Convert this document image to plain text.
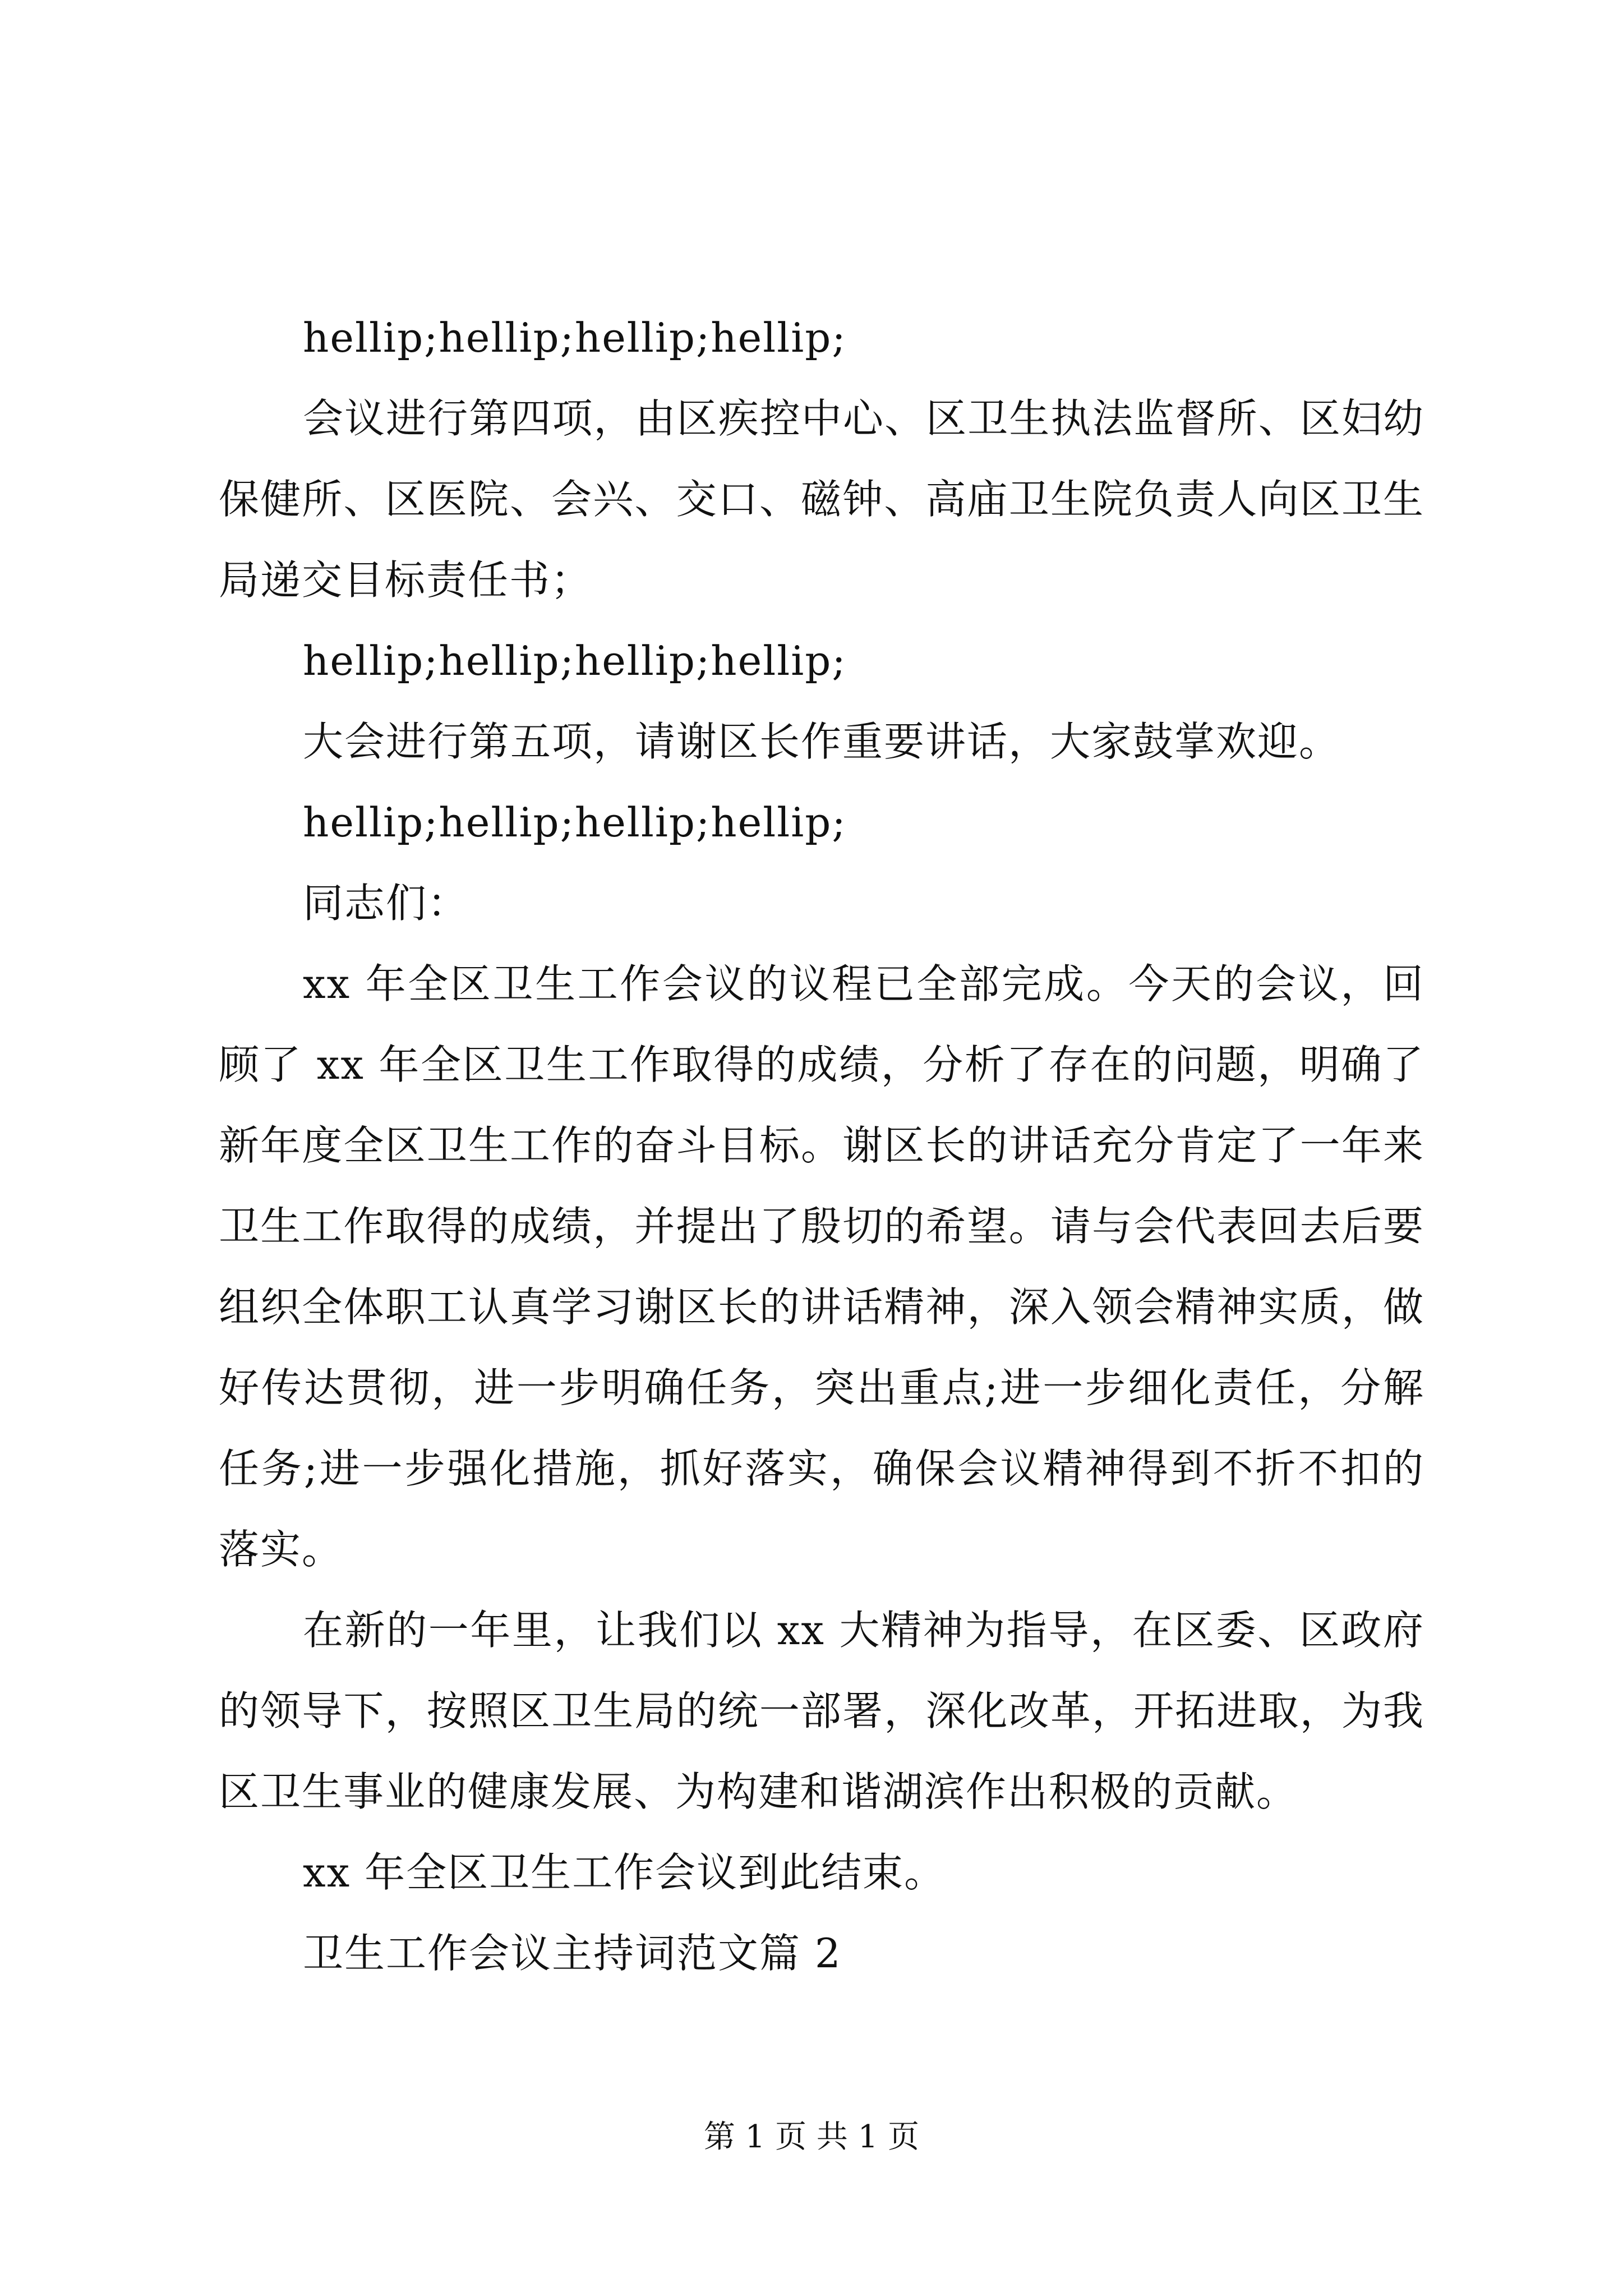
hellip;hellip;hellip;hellip;

会议进行第四项，由区疾控中心、区卫生执法监督所、区妇幼保健所、区医院、会兴、交口、磁钟、高庙卫生院负责人向区卫生局递交目标责任书；

hellip;hellip;hellip;hellip;

大会进行第五项，请谢区长作重要讲话，大家鼓掌欢迎。

hellip;hellip;hellip;hellip;

同志们：

xx 年全区卫生工作会议的议程已全部完成。今天的会议，回顾了 xx 年全区卫生工作取得的成绩，分析了存在的问题，明确了新年度全区卫生工作的奋斗目标。谢区长的讲话充分肯定了一年来卫生工作取得的成绩，并提出了殷切的希望。请与会代表回去后要组织全体职工认真学习谢区长的讲话精神，深入领会精神实质，做好传达贯彻，进一步明确任务，突出重点;进一步细化责任，分解任务;进一步强化措施，抓好落实，确保会议精神得到不折不扣的落实。

在新的一年里，让我们以 xx 大精神为指导，在区委、区政府的领导下，按照区卫生局的统一部署，深化改革，开拓进取，为我区卫生事业的健康发展、为构建和谐湖滨作出积极的贡献。

xx 年全区卫生工作会议到此结束。

卫生工作会议主持词范文篇 2

第 1 页 共 1 页
